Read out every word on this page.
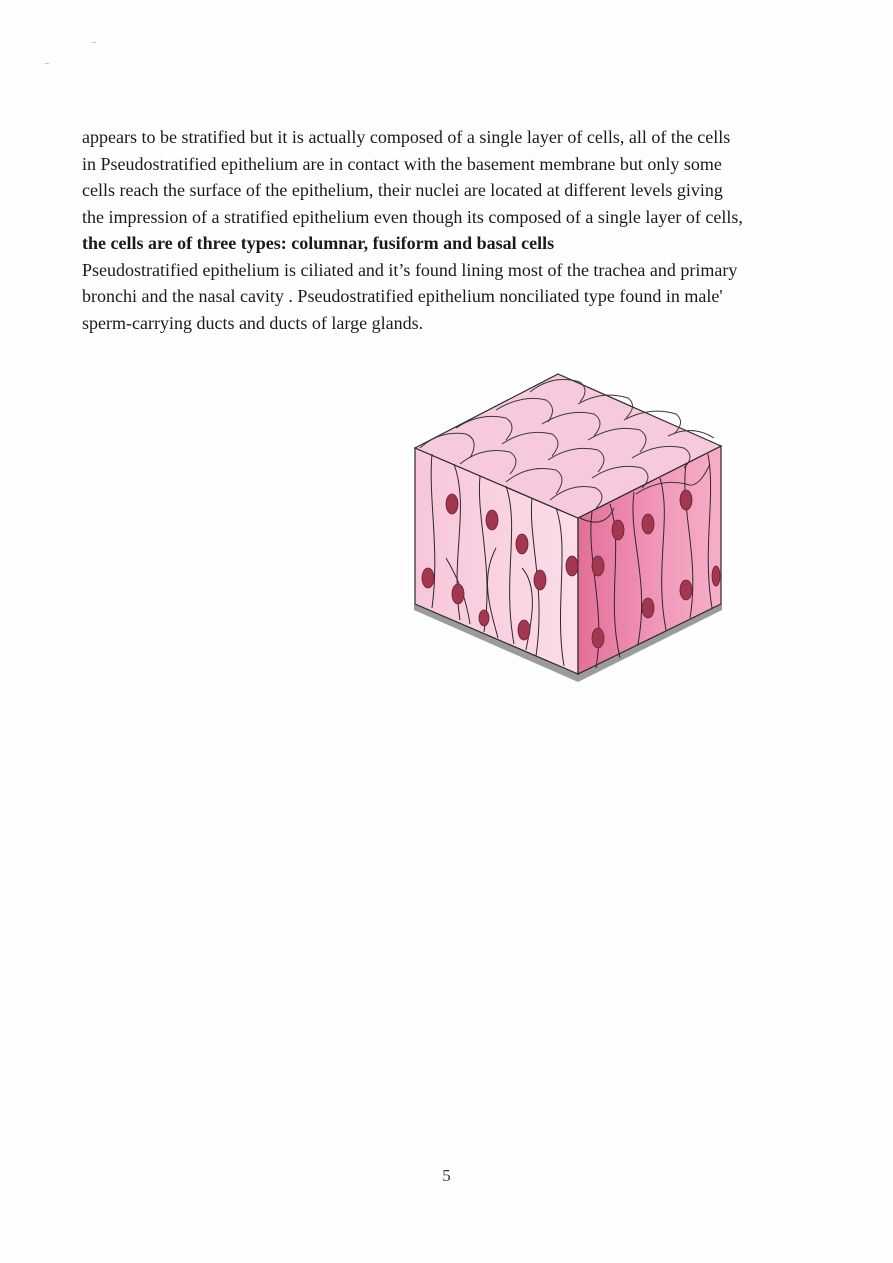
appears to be stratified but it is actually composed of a single layer of cells, all of the cells
in Pseudostratified epithelium are in contact with the basement membrane but only some
cells reach the surface of the epithelium, their nuclei are located at different levels giving
the impression of a stratified epithelium even though its composed of a single layer of cells,
the cells are of three types: columnar, fusiform and basal cells
Pseudostratified epithelium is ciliated and it’s found lining most of the trachea and primary
bronchi and the nasal cavity . Pseudostratified epithelium nonciliated type found in male'
sperm-carrying ducts and ducts of large glands.
5
